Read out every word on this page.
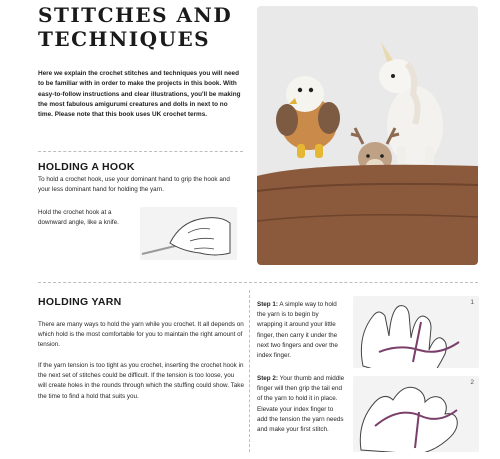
STITCHES AND
TECHNIQUES
Here we explain the crochet stitches and techniques you will need to be familiar with in order to make the projects in this book. With easy-to-follow instructions and clear illustrations, you'll be making the most fabulous amigurumi creatures and dolls in next to no time. Please note that this book uses UK crochet terms.
HOLDING A HOOK
To hold a crochet hook, use your dominant hand to grip the hook and your less dominant hand for holding the yarn.
Hold the crochet hook at a downward angle, like a knife.
HOLDING YARN
There are many ways to hold the yarn while you crochet. It all depends on which hold is the most comfortable for you to maintain the right amount of tension.
If the yarn tension is too tight as you crochet, inserting the crochet hook in the next set of stitches could be difficult. If the tension is too loose, you will create holes in the rounds through which the stuffing could show. Take the time to find a hold that suits you.
Step 1: A simple way to hold the yarn is to begin by wrapping it around your little finger, then carry it under the next two fingers and over the index finger.
1
Step 2: Your thumb and middle finger will then grip the tail end of the yarn to hold it in place. Elevate your index finger to add the tension the yarn needs and make your first stitch.
2
